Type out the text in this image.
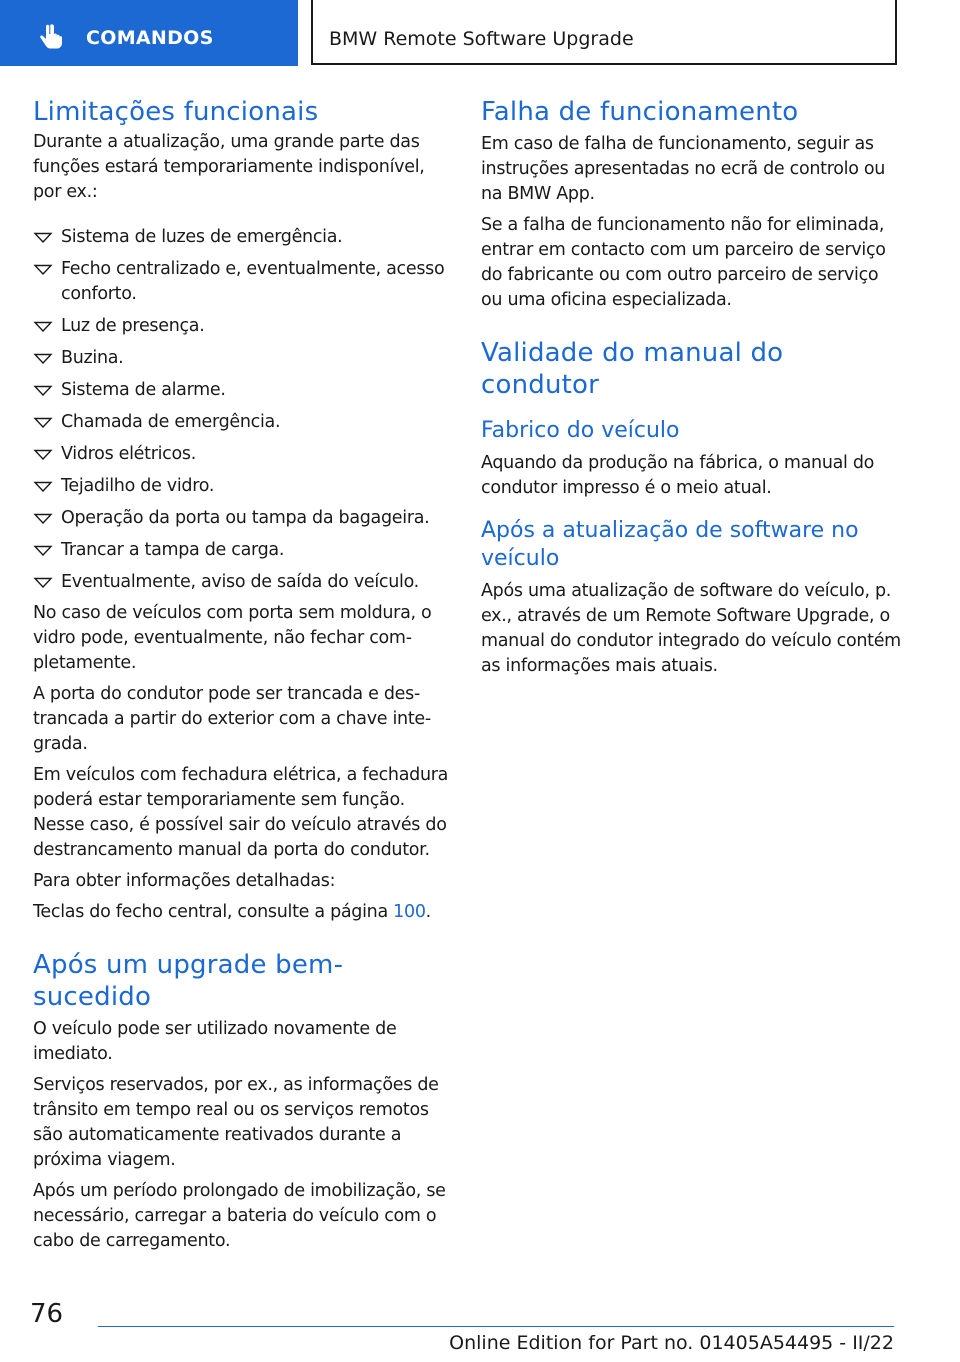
COMANDOS	BMW Remote Software Upgrade
Limitações funcionais

Durante a atualização, uma grande parte das funções estará temporariamente indisponível, por ex.:

Sistema de luzes de emergência.
Fecho centralizado e, eventualmente, acesso conforto.
Luz de presença.
Buzina.
Sistema de alarme.
Chamada de emergência.
Vidros elétricos.
Tejadilho de vidro.
Operação da porta ou tampa da bagageira.
Trancar a tampa de carga.
Eventualmente, aviso de saída do veículo.

No caso de veículos com porta sem moldura, o vidro pode, eventualmente, não fechar completamente.

A porta do condutor pode ser trancada e destrancada a partir do exterior com a chave integrada.

Em veículos com fechadura elétrica, a fechadura poderá estar temporariamente sem função. Nesse caso, é possível sair do veículo através do destrancamento manual da porta do condutor.

Para obter informações detalhadas:

Teclas do fecho central, consulte a página 100.

Após um upgrade bem-sucedido

O veículo pode ser utilizado novamente de imediato.

Serviços reservados, por ex., as informações de trânsito em tempo real ou os serviços remotos são automaticamente reativados durante a próxima viagem.

Após um período prolongado de imobilização, se necessário, carregar a bateria do veículo com o cabo de carregamento.

Falha de funcionamento

Em caso de falha de funcionamento, seguir as instruções apresentadas no ecrã de controlo ou na BMW App.

Se a falha de funcionamento não for eliminada, entrar em contacto com um parceiro de serviço do fabricante ou com outro parceiro de serviço ou uma oficina especializada.

Validade do manual do condutor
Fabrico do veículo

Aquando da produção na fábrica, o manual do condutor impresso é o meio atual.

Após a atualização de software no veículo

Após uma atualização de software do veículo, p. ex., através de um Remote Software Upgrade, o manual do condutor integrado do veículo contém as informações mais atuais.

76
Online Edition for Part no. 01405A54495 - II/22
